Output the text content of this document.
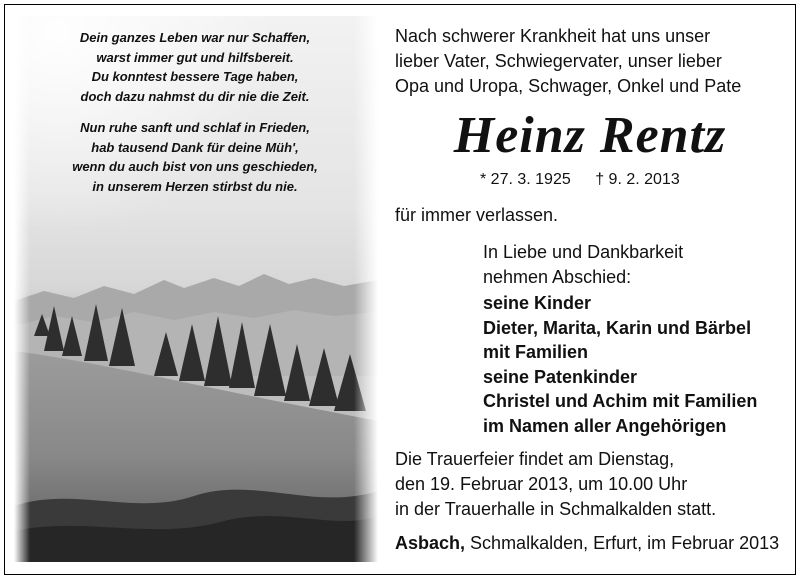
Dein ganzes Leben war nur Schaffen,
warst immer gut und hilfsbereit.
Du konntest bessere Tage haben,
doch dazu nahmst du dir nie die Zeit.
Nun ruhe sanft und schlaf in Frieden,
hab tausend Dank für deine Müh',
wenn du auch bist von uns geschieden,
in unserem Herzen stirbst du nie.
Nach schwerer Krankheit hat uns unser
lieber Vater, Schwiegervater, unser lieber
Opa und Uropa, Schwager, Onkel und Pate
Heinz Rentz
* 27. 3. 1925 † 9. 2. 2013
für immer verlassen.
In Liebe und Dankbarkeit
nehmen Abschied:
seine Kinder
Dieter, Marita, Karin und Bärbel
mit Familien
seine Patenkinder
Christel und Achim mit Familien
im Namen aller Angehörigen
Die Trauerfeier findet am Dienstag,
den 19. Februar 2013, um 10.00 Uhr
in der Trauerhalle in Schmalkalden statt.
Asbach, Schmalkalden, Erfurt, im Februar 2013
